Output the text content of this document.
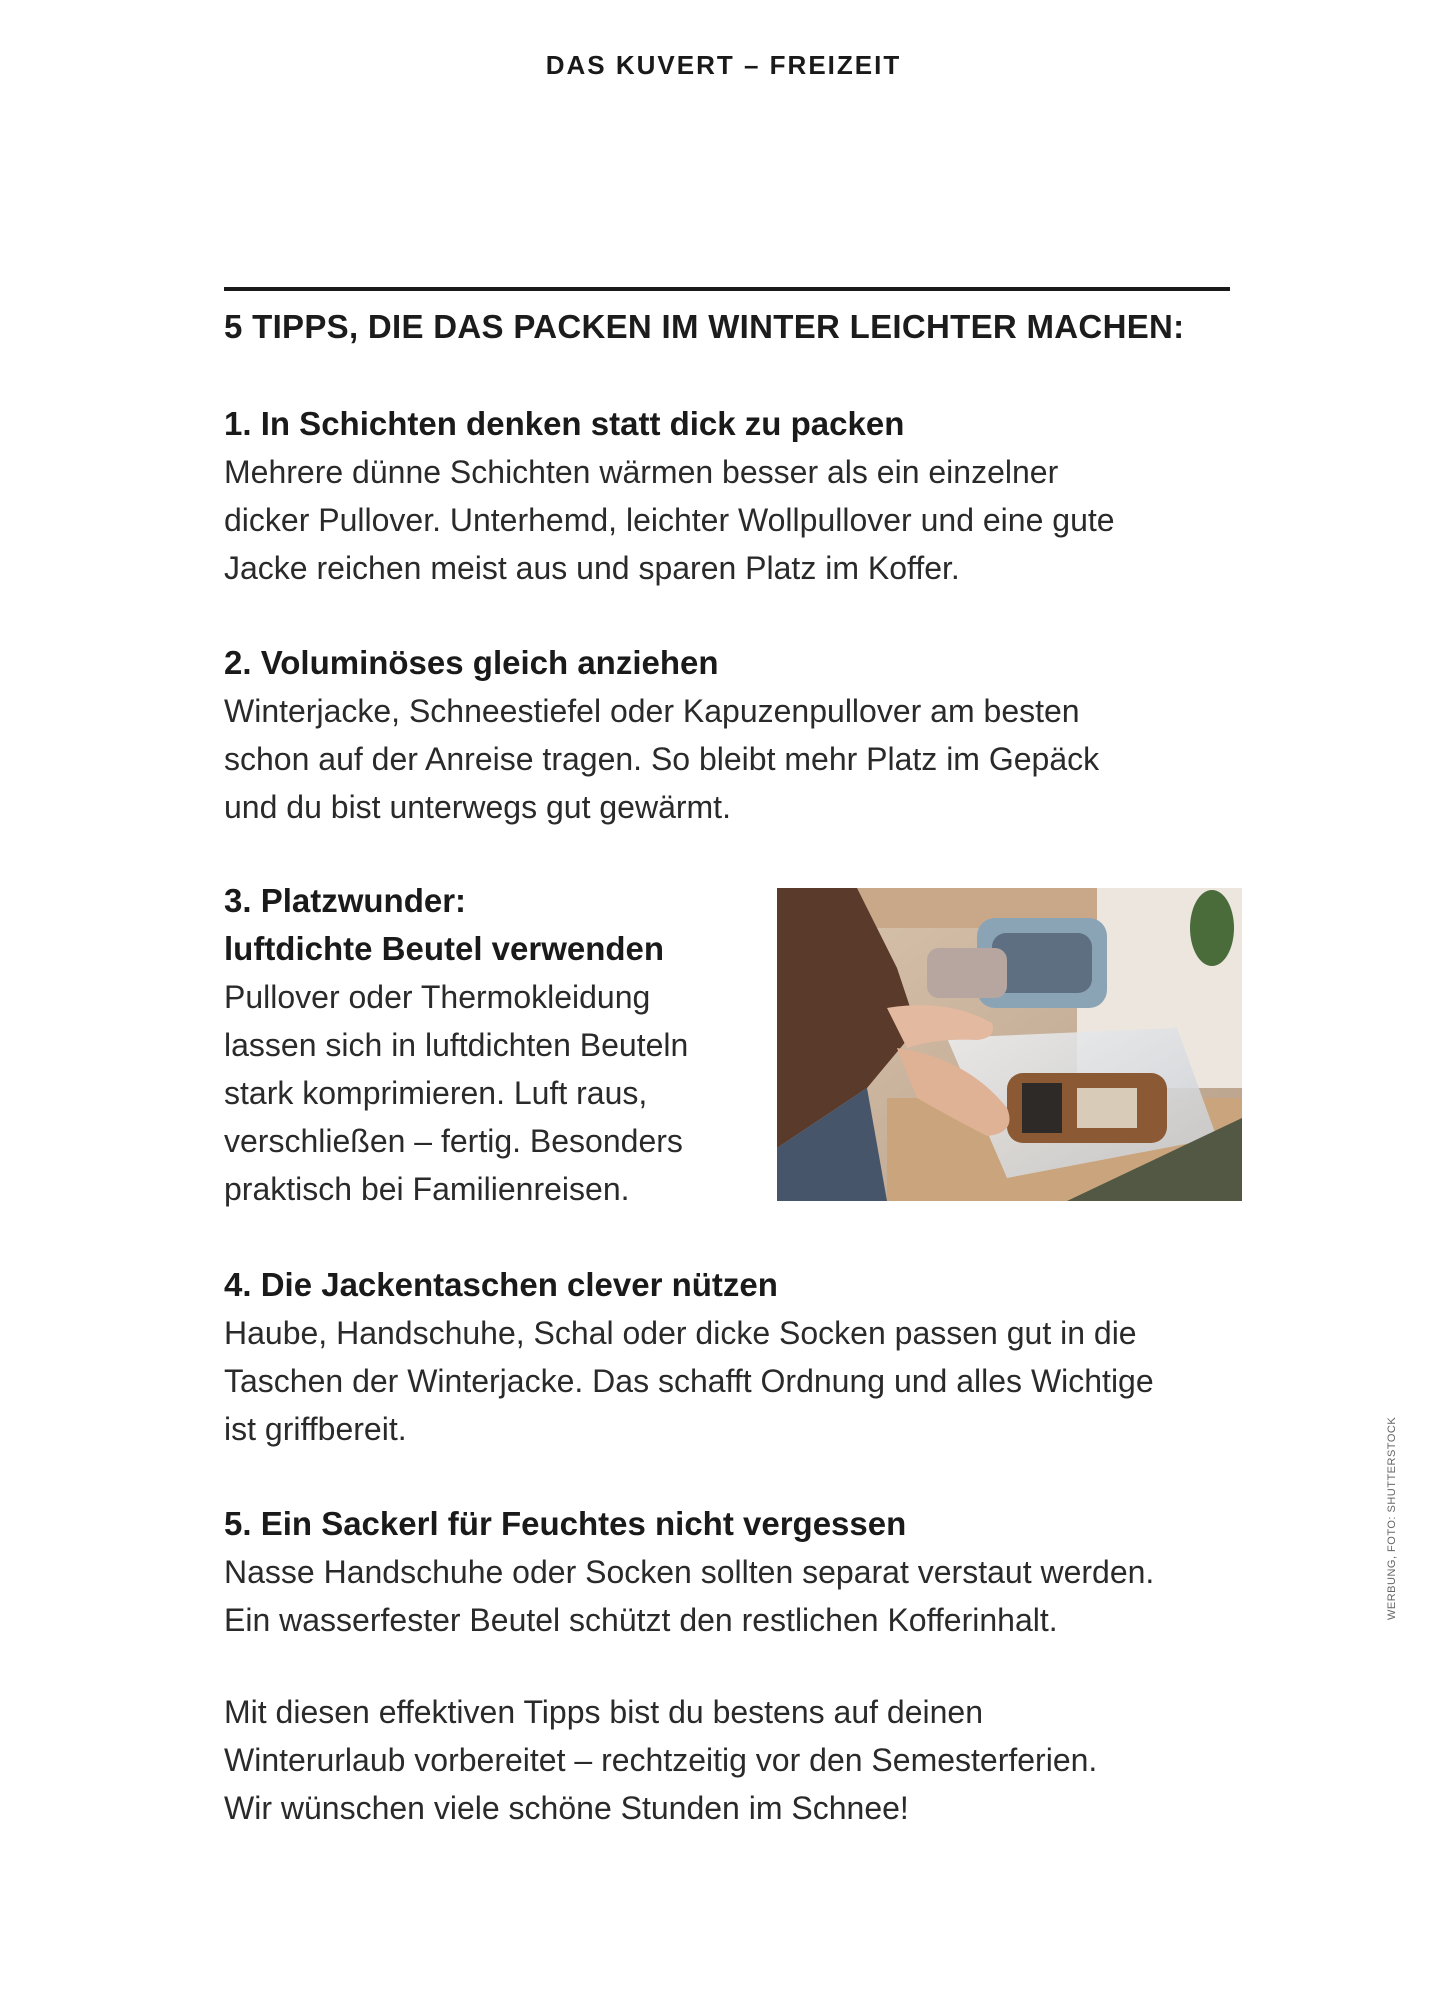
DAS KUVERT – FREIZEIT
5 TIPPS, DIE DAS PACKEN IM WINTER LEICHTER MACHEN:
1. In Schichten denken statt dick zu packen

Mehrere dünne Schichten wärmen besser als ein einzelner

dicker Pullover. Unterhemd, leichter Wollpullover und eine gute

Jacke reichen meist aus und sparen Platz im Koffer.

2. Voluminöses gleich anziehen

Winterjacke, Schneestiefel oder Kapuzenpullover am besten

schon auf der Anreise tragen. So bleibt mehr Platz im Gepäck

und du bist unterwegs gut gewärmt.

3. Platzwunder:
luftdichte Beutel verwenden

Pullover oder Thermokleidung

lassen sich in luftdichten Beuteln

stark komprimieren. Luft raus,

verschließen – fertig. Besonders

praktisch bei Familienreisen.

4. Die Jackentaschen clever nützen

Haube, Handschuhe, Schal oder dicke Socken passen gut in die

Taschen der Winterjacke. Das schafft Ordnung und alles Wichtige

ist griffbereit.

5. Ein Sackerl für Feuchtes nicht vergessen

Nasse Handschuhe oder Socken sollten separat verstaut werden.

Ein wasserfester Beutel schützt den restlichen Kofferinhalt.

Mit diesen effektiven Tipps bist du bestens auf deinen

Winterurlaub vorbereitet – rechtzeitig vor den Semesterferien.

Wir wünschen viele schöne Stunden im Schnee!

WERBUNG, FOTO: SHUTTERSTOCK
